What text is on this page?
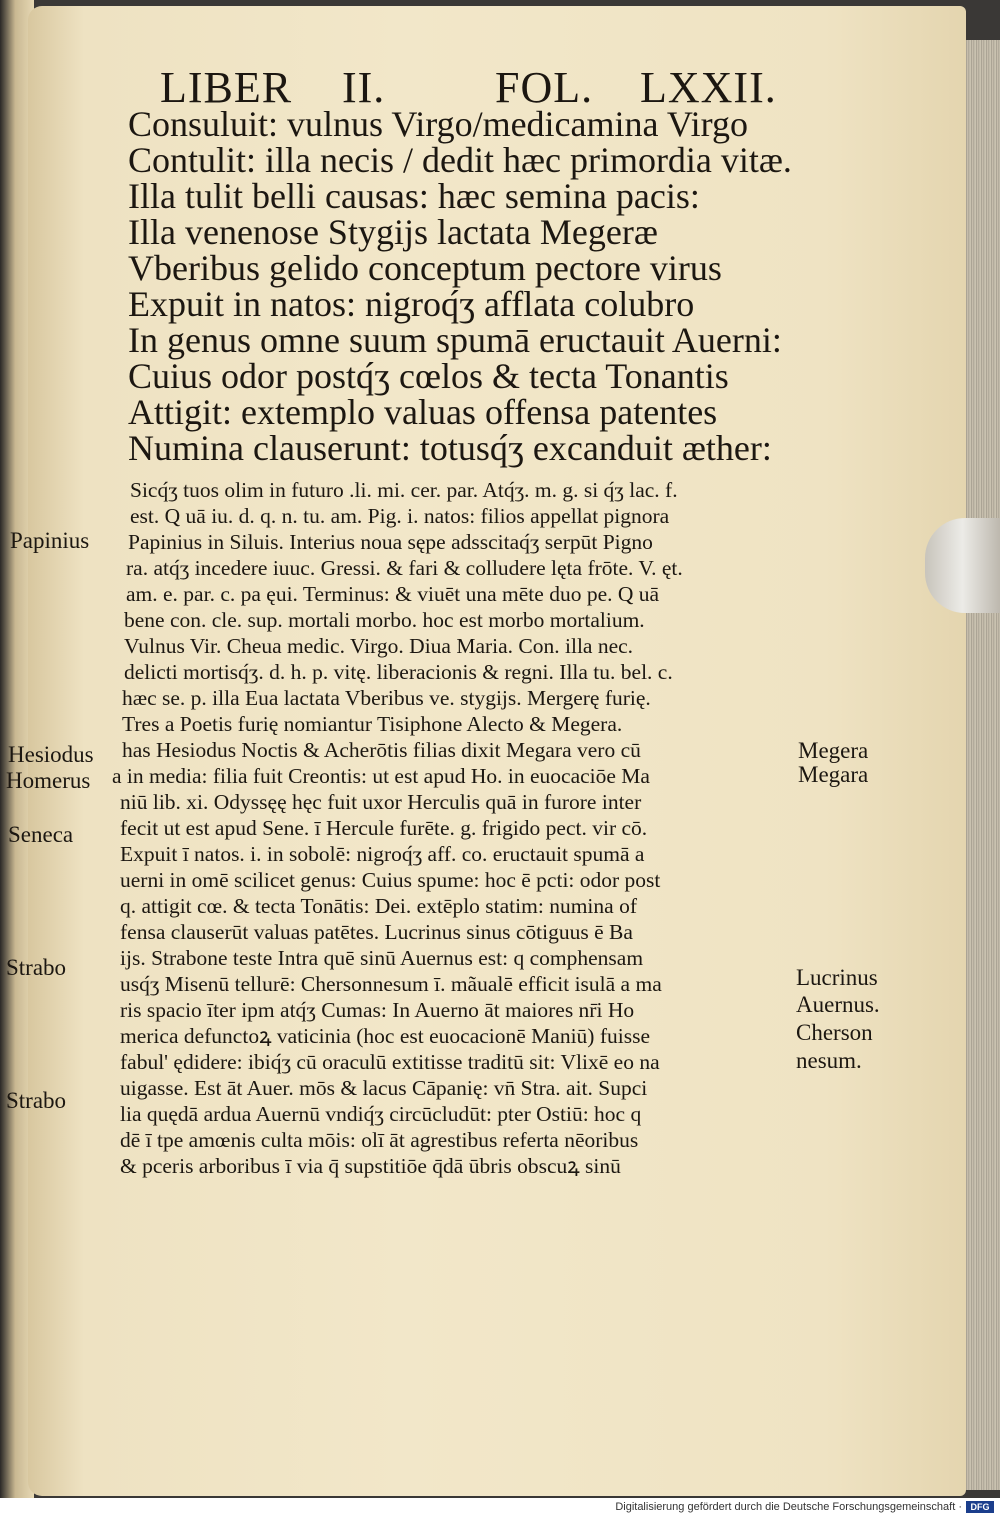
LIBER II. FOL. LXXII.
Consuluit: vulnus Virgo/medicamina Virgo
Contulit: illa necis / dedit hæc primordia vitæ.
Illa tulit belli causas: hæc semina pacis:
Illa venenose Stygijs lactata Megeræ
Vberibus gelido conceptum pectore virus
Expuit in natos: nigroq́ʒ afflata colubro
In genus omne suum spumā eructauit Auerni:
Cuius odor postq́ʒ cœlos & tecta Tonantis
Attigit: extemplo valuas offensa patentes
Numina clauserunt: totusq́ʒ excanduit æther:
Sicq́ʒ tuos olim in futuro .li. mi. cer. par. Atq́ʒ. m. g. si q́ʒ lac. f.
est. Q uā iu. d. q. n. tu. am. Pig. i. natos: filios appellat pignora
Papinius in Siluis. Interius noua sępe adsscitaq́ʒ serpūt Pigno
ra. atq́ʒ incedere iuuc. Gressi. & fari & colludere lęta frōte. V. ęt.
am. e. par. c. pa ęui. Terminus: & viuēt una mēte duo pe. Q uā
bene con. cle. sup. mortali morbo. hoc est morbo mortalium.
Vulnus Vir. Cheua medic. Virgo. Diua Maria. Con. illa nec.
delicti mortisq́ʒ. d. h. p. vitę. liberacionis & regni. Illa tu. bel. c.
hæc se. p. illa Eua lactata Vberibus ve. stygijs. Mergerę furię.
Tres a Poetis furię nomiantur Tisiphone Alecto & Megera.
has Hesiodus Noctis & Acherōtis filias dixit Megara vero cū
a in media: filia fuit Creontis: ut est apud Ho. in euocaciōe Ma
niū lib. xi. Odyssęę hęc fuit uxor Herculis quā in furore inter
fecit ut est apud Sene. ī Hercule furēte. g. frigido pect. vir cō.
Expuit ī natos. i. in sobolē: nigroq́ʒ aff. co. eructauit spumā a
uerni in omē scilicet genus: Cuius spume: hoc ē pcti: odor post
q. attigit cœ. & tecta Tonātis: Dei. extēplo statim: numina of
fensa clauserūt valuas patētes. Lucrinus sinus cōtiguus ē Ba
ijs. Strabone teste Intra quē sinū Auernus est: q comphensam
usq́ʒ Misenū tellurē: Chersonnesum ī. mãualē efficit isulā a ma
ris spacio īter ipm atq́ʒ Cumas: In Auerno āt maiores nr̄i Ho
merica defunctoꝝ vaticinia (hoc est euocacionē Maniū) fuisse
fabul' ędidere: ibiq́ʒ cū oraculū extitisse traditū sit: Vlixē eo na
uigasse. Est āt Auer. mōs & lacus Cāpanię: vn̄ Stra. ait. Supci
lia quędā ardua Auernū vndiq́ʒ circūcludūt: pter Ostiū: hoc q
dē ī tpe amœnis culta mōis: olī āt agrestibus referta nēoribus
& pceris arboribus ī via q̄ supstitiōe q̄dā ūbris obscuꝝ sinū
Papinius
Hesiodus
Homerus
Seneca
Strabo
Strabo
Megera
Megara
Lucrinus
Auernus.
Cherson
nesum.
Digitalisierung gefördert durch die Deutsche Forschungsgemeinschaft · DFG
